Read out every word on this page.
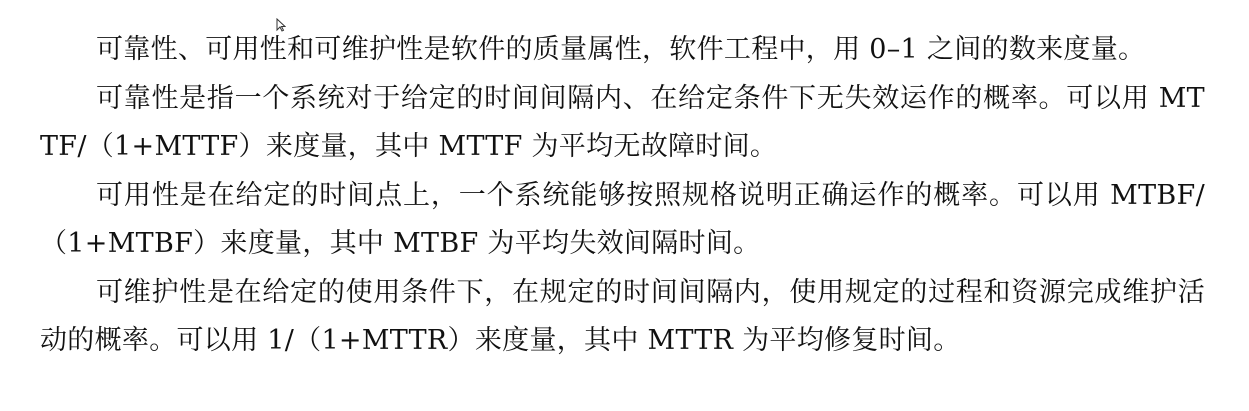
可靠性、可用性和可维护性是软件的质量属性，软件工程中，用 0–1 之间的数来度量。

可靠性是指一个系统对于给定的时间间隔内、在给定条件下无失效运作的概率。可以用 MTTF/（1+MTTF）来度量，其中 MTTF 为平均无故障时间。

可用性是在给定的时间点上，一个系统能够按照规格说明正确运作的概率。可以用 MTBF/（1+MTBF）来度量，其中 MTBF 为平均失效间隔时间。

可维护性是在给定的使用条件下，在规定的时间间隔内，使用规定的过程和资源完成维护活动的概率。可以用 1/（1+MTTR）来度量，其中 MTTR 为平均修复时间。
